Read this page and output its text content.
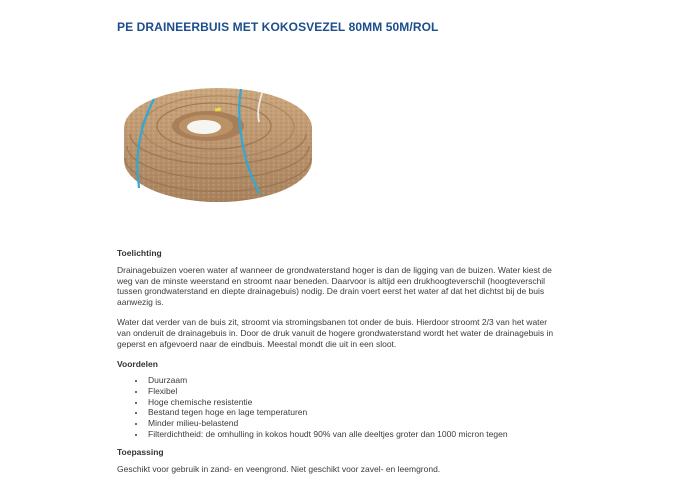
PE DRAINEERBUIS MET KOKOSVEZEL 80MM 50M/ROL
Toelichting

Drainagebuizen voeren water af wanneer de grondwaterstand hoger is dan de ligging van de buizen. Water kiest de weg van de minste weerstand en stroomt naar beneden. Daarvoor is altijd een drukhoogteverschil (hoogteverschil tussen grondwaterstand en diepte drainagebuis) nodig. De drain voert eerst het water af dat het dichtst bij de buis aanwezig is.

Water dat verder van de buis zit, stroomt via stromingsbanen tot onder de buis. Hierdoor stroomt 2/3 van het water van onderuit de drainagebuis in. Door de druk vanuit de hogere grondwaterstand wordt het water de drainagebuis in geperst en afgevoerd naar de eindbuis. Meestal mondt die uit in een sloot.

Voordelen
• Duurzaam
• Flexibel
• Hoge chemische resistentie
• Bestand tegen hoge en lage temperaturen
• Minder milieu-belastend
• Filterdichtheid: de omhulling in kokos houdt 90% van alle deeltjes groter dan 1000 micron tegen
Toepassing

Geschikt voor gebruik in zand- en veengrond. Niet geschikt voor zavel- en leemgrond.
